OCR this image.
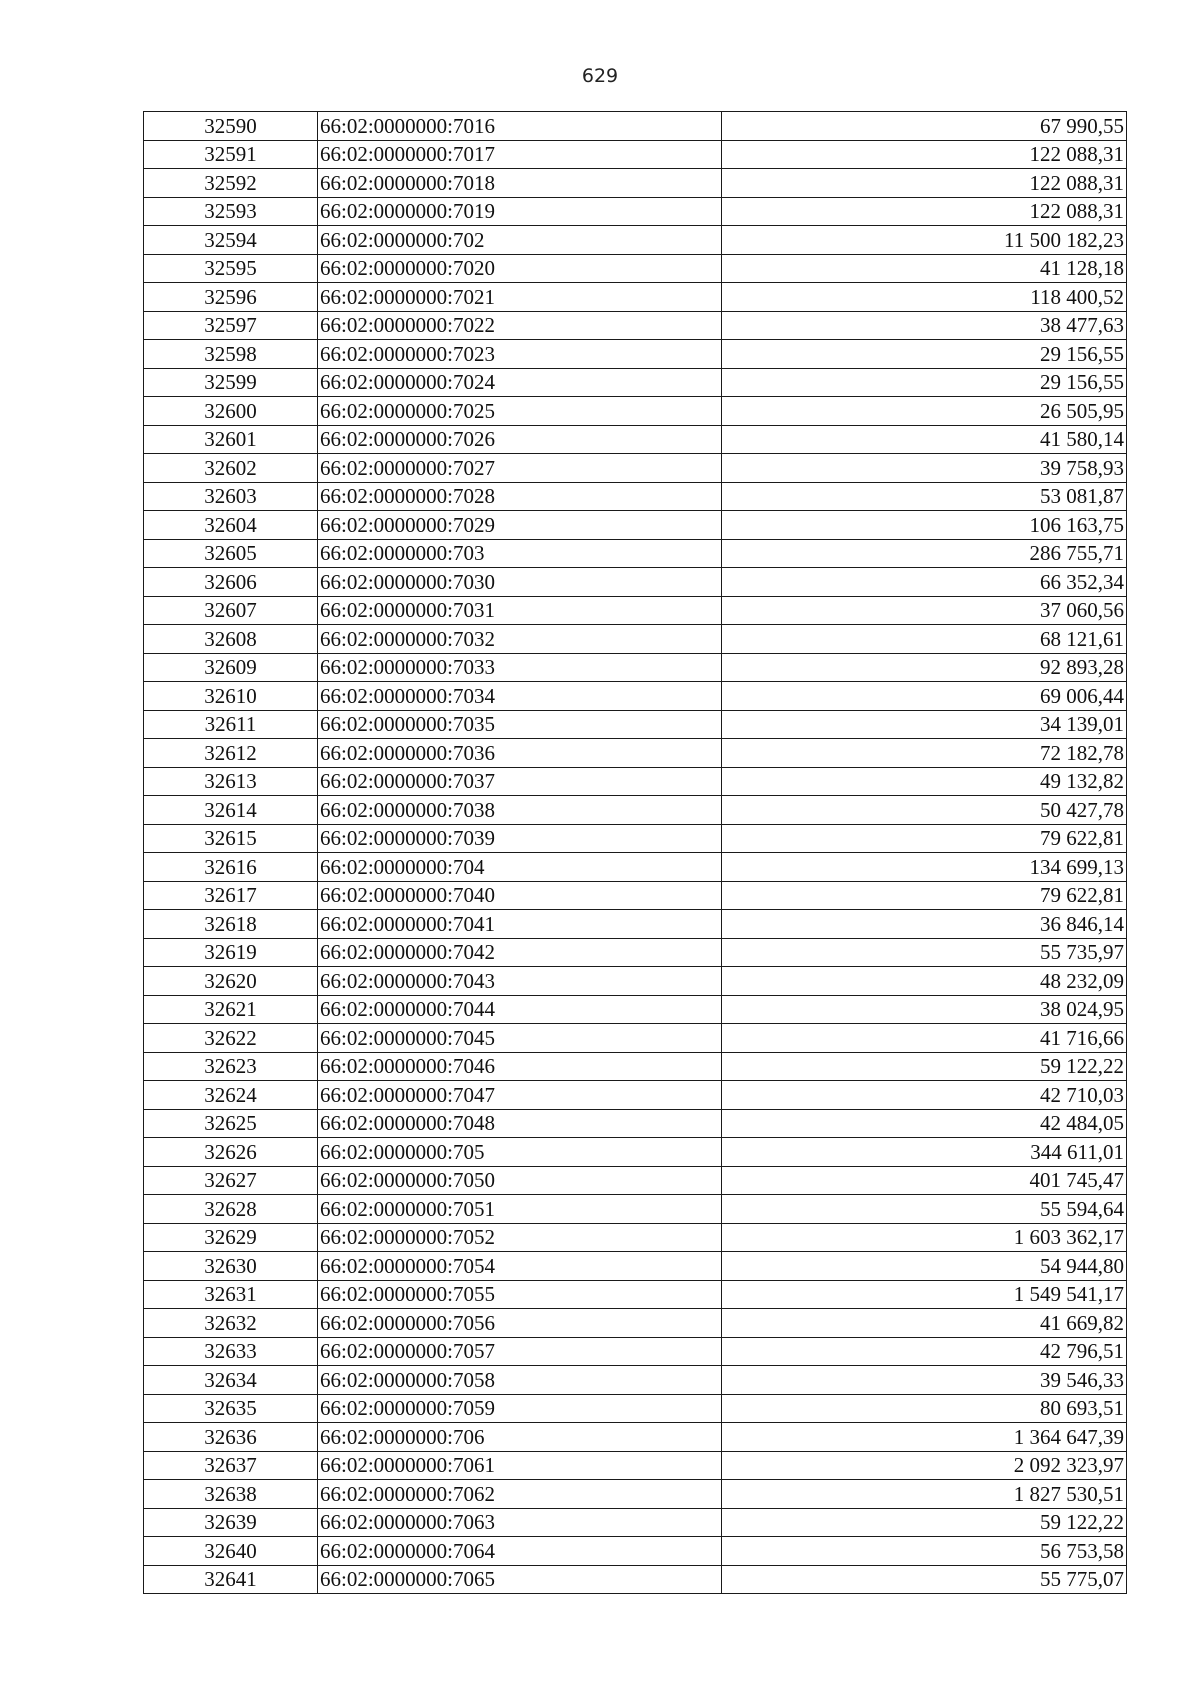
629
32590	66:02:0000000:7016	67 990,55
32591	66:02:0000000:7017	122 088,31
32592	66:02:0000000:7018	122 088,31
32593	66:02:0000000:7019	122 088,31
32594	66:02:0000000:702	11 500 182,23
32595	66:02:0000000:7020	41 128,18
32596	66:02:0000000:7021	118 400,52
32597	66:02:0000000:7022	38 477,63
32598	66:02:0000000:7023	29 156,55
32599	66:02:0000000:7024	29 156,55
32600	66:02:0000000:7025	26 505,95
32601	66:02:0000000:7026	41 580,14
32602	66:02:0000000:7027	39 758,93
32603	66:02:0000000:7028	53 081,87
32604	66:02:0000000:7029	106 163,75
32605	66:02:0000000:703	286 755,71
32606	66:02:0000000:7030	66 352,34
32607	66:02:0000000:7031	37 060,56
32608	66:02:0000000:7032	68 121,61
32609	66:02:0000000:7033	92 893,28
32610	66:02:0000000:7034	69 006,44
32611	66:02:0000000:7035	34 139,01
32612	66:02:0000000:7036	72 182,78
32613	66:02:0000000:7037	49 132,82
32614	66:02:0000000:7038	50 427,78
32615	66:02:0000000:7039	79 622,81
32616	66:02:0000000:704	134 699,13
32617	66:02:0000000:7040	79 622,81
32618	66:02:0000000:7041	36 846,14
32619	66:02:0000000:7042	55 735,97
32620	66:02:0000000:7043	48 232,09
32621	66:02:0000000:7044	38 024,95
32622	66:02:0000000:7045	41 716,66
32623	66:02:0000000:7046	59 122,22
32624	66:02:0000000:7047	42 710,03
32625	66:02:0000000:7048	42 484,05
32626	66:02:0000000:705	344 611,01
32627	66:02:0000000:7050	401 745,47
32628	66:02:0000000:7051	55 594,64
32629	66:02:0000000:7052	1 603 362,17
32630	66:02:0000000:7054	54 944,80
32631	66:02:0000000:7055	1 549 541,17
32632	66:02:0000000:7056	41 669,82
32633	66:02:0000000:7057	42 796,51
32634	66:02:0000000:7058	39 546,33
32635	66:02:0000000:7059	80 693,51
32636	66:02:0000000:706	1 364 647,39
32637	66:02:0000000:7061	2 092 323,97
32638	66:02:0000000:7062	1 827 530,51
32639	66:02:0000000:7063	59 122,22
32640	66:02:0000000:7064	56 753,58
32641	66:02:0000000:7065	55 775,07
